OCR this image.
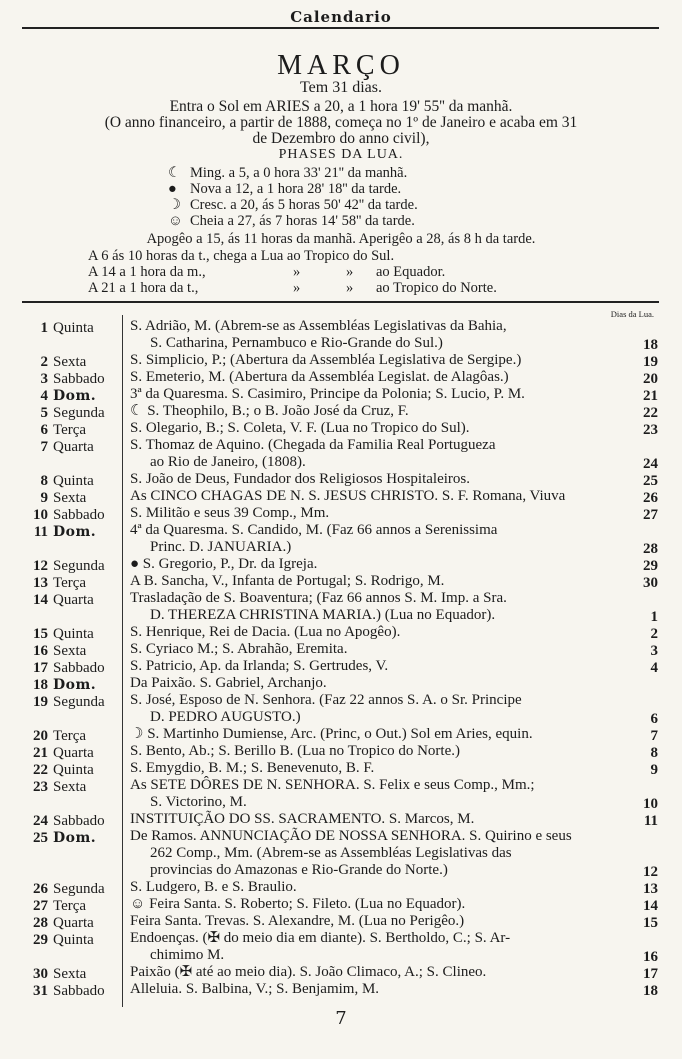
Calendario
MARÇO
Tem 31 dias.
Entra o Sol em ARIES a 20, a 1 hora 19' 55'' da manhã.
(O anno financeiro, a partir de 1888, começa no 1º de Janeiro e acaba em 31
de Dezembro do anno civil),
PHASES DA LUA.
☾ Ming. a 5, a 0 hora 33' 21'' da manhã.
● Nova a 12, a 1 hora 28' 18'' da tarde.
☽ Cresc. a 20, ás 5 horas 50' 42'' da tarde.
☺ Cheia a 27, ás 7 horas 14' 58'' da tarde.
Apogêo a 15, ás 11 horas da manhã. Aperigêo a 28, ás 8 h da tarde.
A 6 ás 10 horas da t., chega a Lua ao Tropico do Sul.
A 14 a 1 hora da m.,	»	» ao Equador.
A 21 a 1 hora da t.,	»	» ao Tropico do Norte.
Dias da Lua.
1 Quinta	S. Adrião, M. (Abrem-se as Assembléas Legislativas da Bahia,
S. Catharina, Pernambuco e Rio-Grande do Sul.)	18
2 Sexta	S. Simplicio, P.; (Abertura da Assembléa Legislativa de Sergipe.)	19
3 Sabbado	S. Emeterio, M. (Abertura da Assembléa Legislat. de Alagôas.)	20
4 Dom.	3ª da Quaresma. S. Casimiro, Principe da Polonia; S. Lucio, P. M.	21
5 Segunda	☾ S. Theophilo, B.; o B. João José da Cruz, F.	22
6 Terça	S. Olegario, B.; S. Coleta, V. F. (Lua no Tropico do Sul).	23
7 Quarta	S. Thomaz de Aquino. (Chegada da Familia Real Portugueza
ao Rio de Janeiro, (1808).	24
8 Quinta	S. João de Deus, Fundador dos Religiosos Hospitaleiros.	25
9 Sexta	As CINCO CHAGAS DE N. S. JESUS CHRISTO. S. F. Romana, Viuva	26
10 Sabbado	S. Militão e seus 39 Comp., Mm.	27
11 Dom.	4ª da Quaresma. S. Candido, M. (Faz 66 annos a Serenissima
Princ. D. JANUARIA.)	28
12 Segunda	● S. Gregorio, P., Dr. da Igreja.	29
13 Terça	A B. Sancha, V., Infanta de Portugal; S. Rodrigo, M.	30
14 Quarta	Trasladação de S. Boaventura; (Faz 66 annos S. M. Imp. a Sra.
D. THEREZA CHRISTINA MARIA.) (Lua no Equador).	1
15 Quinta	S. Henrique, Rei de Dacia. (Lua no Apogêo).	2
16 Sexta	S. Cyriaco M.; S. Abrahão, Eremita.	3
17 Sabbado	S. Patricio, Ap. da Irlanda; S. Gertrudes, V.	4
18 Dom.	Da Paixão. S. Gabriel, Archanjo.
19 Segunda	S. José, Esposo de N. Senhora. (Faz 22 annos S. A. o Sr. Principe
D. PEDRO AUGUSTO.)	6
20 Terça	☽ S. Martinho Dumiense, Arc. (Princ, o Out.) Sol em Aries, equin.	7
21 Quarta	S. Bento, Ab.; S. Berillo B. (Lua no Tropico do Norte.)	8
22 Quinta	S. Emygdio, B. M.; S. Benevenuto, B. F.	9
23 Sexta	As SETE DÔRES DE N. SENHORA. S. Felix e seus Comp., Mm.;
S. Victorino, M.	10
24 Sabbado	INSTITUIÇÃO DO SS. SACRAMENTO. S. Marcos, M.	11
25 Dom.	De Ramos. ANNUNCIAÇÃO DE NOSSA SENHORA. S. Quirino e seus
262 Comp., Mm. (Abrem-se as Assembléas Legislativas das
provincias do Amazonas e Rio-Grande do Norte.)	12
26 Segunda	S. Ludgero, B. e S. Braulio.	13
27 Terça	☺ Feira Santa. S. Roberto; S. Fileto. (Lua no Equador).	14
28 Quarta	Feira Santa. Trevas. S. Alexandre, M. (Lua no Perigêo.)	15
29 Quinta	Endoenças. (✠ do meio dia em diante). S. Bertholdo, C.; S. Ar-
chimimo M.	16
30 Sexta	Paixão (✠ até ao meio dia). S. João Climaco, A.; S. Clineo.	17
31 Sabbado	Alleluia. S. Balbina, V.; S. Benjamim, M.	18
7
